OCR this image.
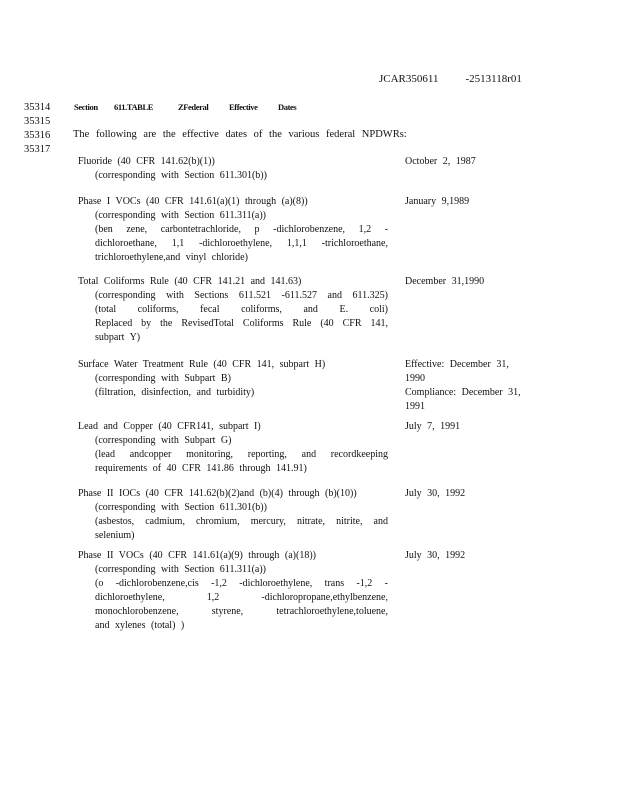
JCAR350611 -2513118r01
35314
35315
35316
35317
Section 611.TABLE	ZFederal Effective Dates
The following are the effective dates of the various federal NPDWRs:
Fluoride (40 CFR 141.62(b)(1))
(corresponding with Section 611.301(b))
October 2, 1987
Phase I VOCs (40 CFR 141.61(a)(1) through (a)(8))
(corresponding with Section 611.311(a))
(ben zene, carbontetrachloride, p -dichlorobenzene, 1,2 -
dichloroethane, 1,1 -dichloroethylene, 1,1,1 -trichloroethane,
trichloroethylene,and vinyl chloride)
January 9,1989
Total Coliforms Rule (40 CFR 141.21 and 141.63)
(corresponding with Sections 611.521 -611.527 and 611.325)
(total coliforms, fecal coliforms, and E. coli)
Replaced by the RevisedTotal Coliforms Rule (40 CFR 141,
subpart Y)
December 31,1990
Surface Water Treatment Rule (40 CFR 141, subpart H)
(corresponding with Subpart B)
(filtration, disinfection, and turbidity)
Effective: December 31,
1990
Compliance: December 31,
1991
Lead and Copper (40 CFR141, subpart I)
(corresponding with Subpart G)
(lead andcopper monitoring, reporting, and recordkeeping
requirements of 40 CFR 141.86 through 141.91)
July 7, 1991
Phase II IOCs (40 CFR 141.62(b)(2)and (b)(4) through (b)(10))
(corresponding with Section 611.301(b))
(asbestos, cadmium, chromium, mercury, nitrate, nitrite, and
selenium)
July 30, 1992
Phase II VOCs (40 CFR 141.61(a)(9) through (a)(18))
(corresponding with Section 611.311(a))
(o -dichlorobenzene,cis -1,2 -dichloroethylene, trans -1,2 -
dichloroethylene, 1,2 -dichloropropane,ethylbenzene,
monochlorobenzene, styrene, tetrachloroethylene,toluene,
and xylenes (total) )
July 30, 1992
